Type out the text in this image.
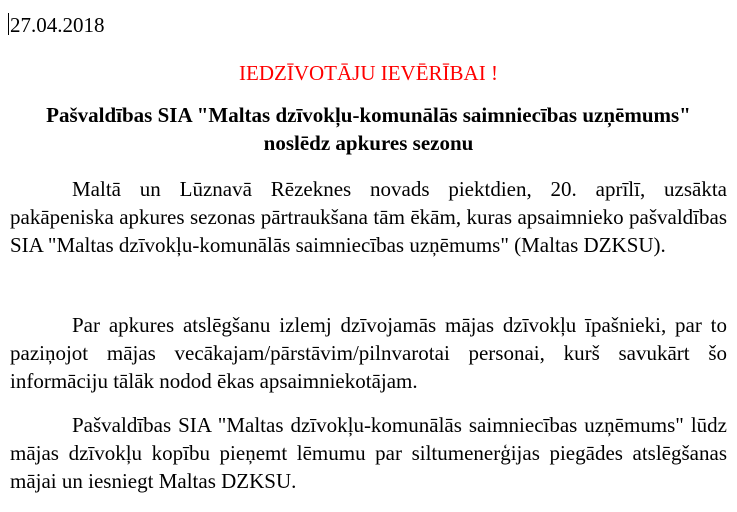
27.04.2018
IEDZĪVOTĀJU IEVĒRĪBAI !
Pašvaldības SIA "Maltas dzīvokļu-komunālās saimniecības uzņēmums" noslēdz apkures sezonu

Maltā un Lūznavā Rēzeknes novads piektdien, 20. aprīlī, uzsākta pakāpeniska apkures sezonas pārtraukšana tām ēkām, kuras apsaimnieko pašvaldības SIA "Maltas dzīvokļu-komunālās saimniecības uzņēmums" (Maltas DZKSU).

Par apkures atslēgšanu izlemj dzīvojamās mājas dzīvokļu īpašnieki, par to paziņojot mājas vecākajam/pārstāvim/pilnvarotai personai, kurš savukārt šo informāciju tālāk nodod ēkas apsaimniekotājam.

Pašvaldības SIA "Maltas dzīvokļu-komunālās saimniecības uzņēmums" lūdz mājas dzīvokļu kopību pieņemt lēmumu par siltumenerģijas piegādes atslēgšanas mājai un iesniegt Maltas DZKSU.
